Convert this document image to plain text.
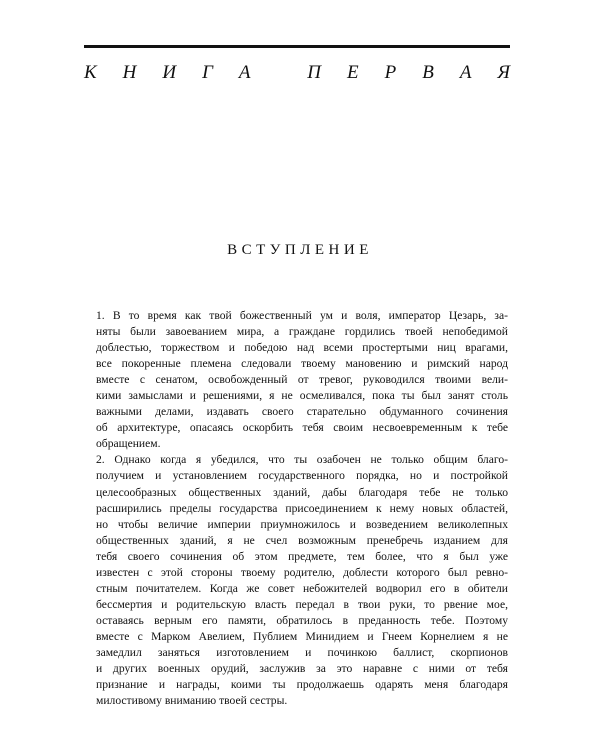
К Н И Г А
	П Е Р В А Я
ВСТУПЛЕНИЕ

1. В то время как твой божественный ум и воля, император Цезарь, за-
няты были завоеванием мира, а граждане гордились твоей непобедимой
доблестью, торжеством и победою над всеми простертыми ниц врагами,
все покоренные племена следовали твоему мановению и римский народ
вместе с сенатом, освобожденный от тревог, руководился твоими вели-
кими замыслами и решениями, я не осмеливался, пока ты был занят столь
важными делами, издавать своего старательно обдуманного сочинения
об архитектуре, опасаясь оскорбить тебя своим несвоевременным к тебе
обращением.

2. Однако когда я убедился, что ты озабочен не только общим благо-
получием и установлением государственного порядка, но и постройкой
целесообразных общественных зданий, дабы благодаря тебе не только
расширились пределы государства присоединением к нему новых областей,
но чтобы величие империи приумножилось и возведением великолепных
общественных зданий, я не счел возможным пренебречь изданием для
тебя своего сочинения об этом предмете, тем более, что я был уже
известен с этой стороны твоему родителю, доблести которого был ревно-
стным почитателем. Когда же совет небожителей водворил его в обители
бессмертия и родительскую власть передал в твои руки, то рвение мое,
оставаясь верным его памяти, обратилось в преданность тебе. Поэтому
вместе с Марком Авелием, Публием Минидием и Гнеем Корнелием я не
замедлил заняться изготовлением и починкою баллист, скорпионов
и других военных орудий, заслужив за это наравне с ними от тебя
признание и награды, коими ты продолжаешь одарять меня благодаря
милостивому вниманию твоей сестры.
